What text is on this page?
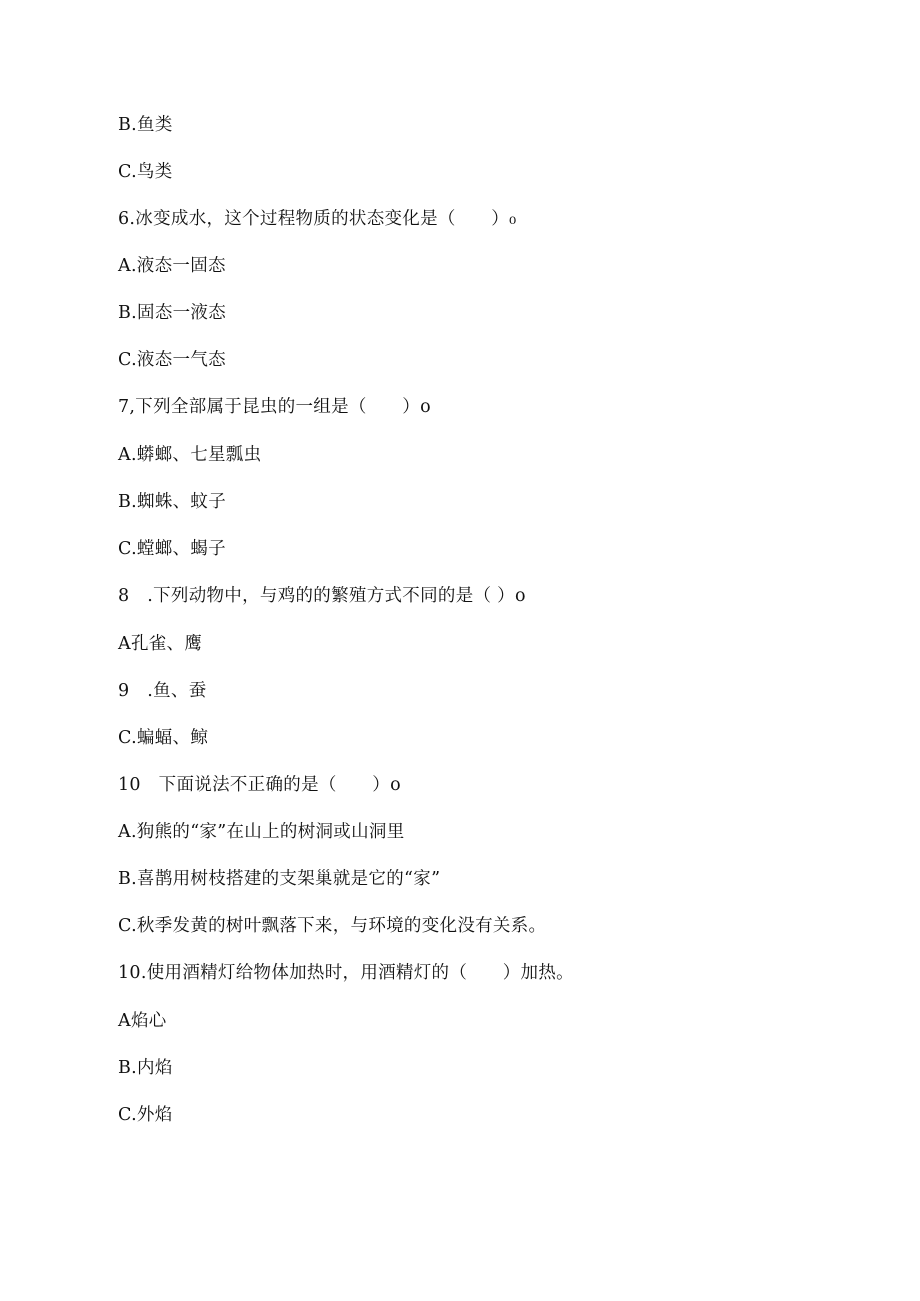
B.鱼类
C.鸟类
6.冰变成水，这个过程物质的状态变化是（　　）₀
A.液态一固态
B.固态一液态
C.液态一气态
7,下列全部属于昆虫的一组是（　　）o
A.蟒螂、七星瓢虫
B.蜘蛛、蚊子
C.螳螂、蝎子
8　.下列动物中，与鸡的的繁殖方式不同的是（ ）o
A孔雀、鹰
9　.鱼、蚕
C.蝙蝠、鲸
10　下面说法不正确的是（　　）o
A.狗熊的“家”在山上的树洞或山洞里
B.喜鹊用树枝搭建的支架巢就是它的“家”
C.秋季发黄的树叶飘落下来，与环境的变化没有关系。
10.使用酒精灯给物体加热时，用酒精灯的（　　）加热。
A焰心
B.内焰
C.外焰
